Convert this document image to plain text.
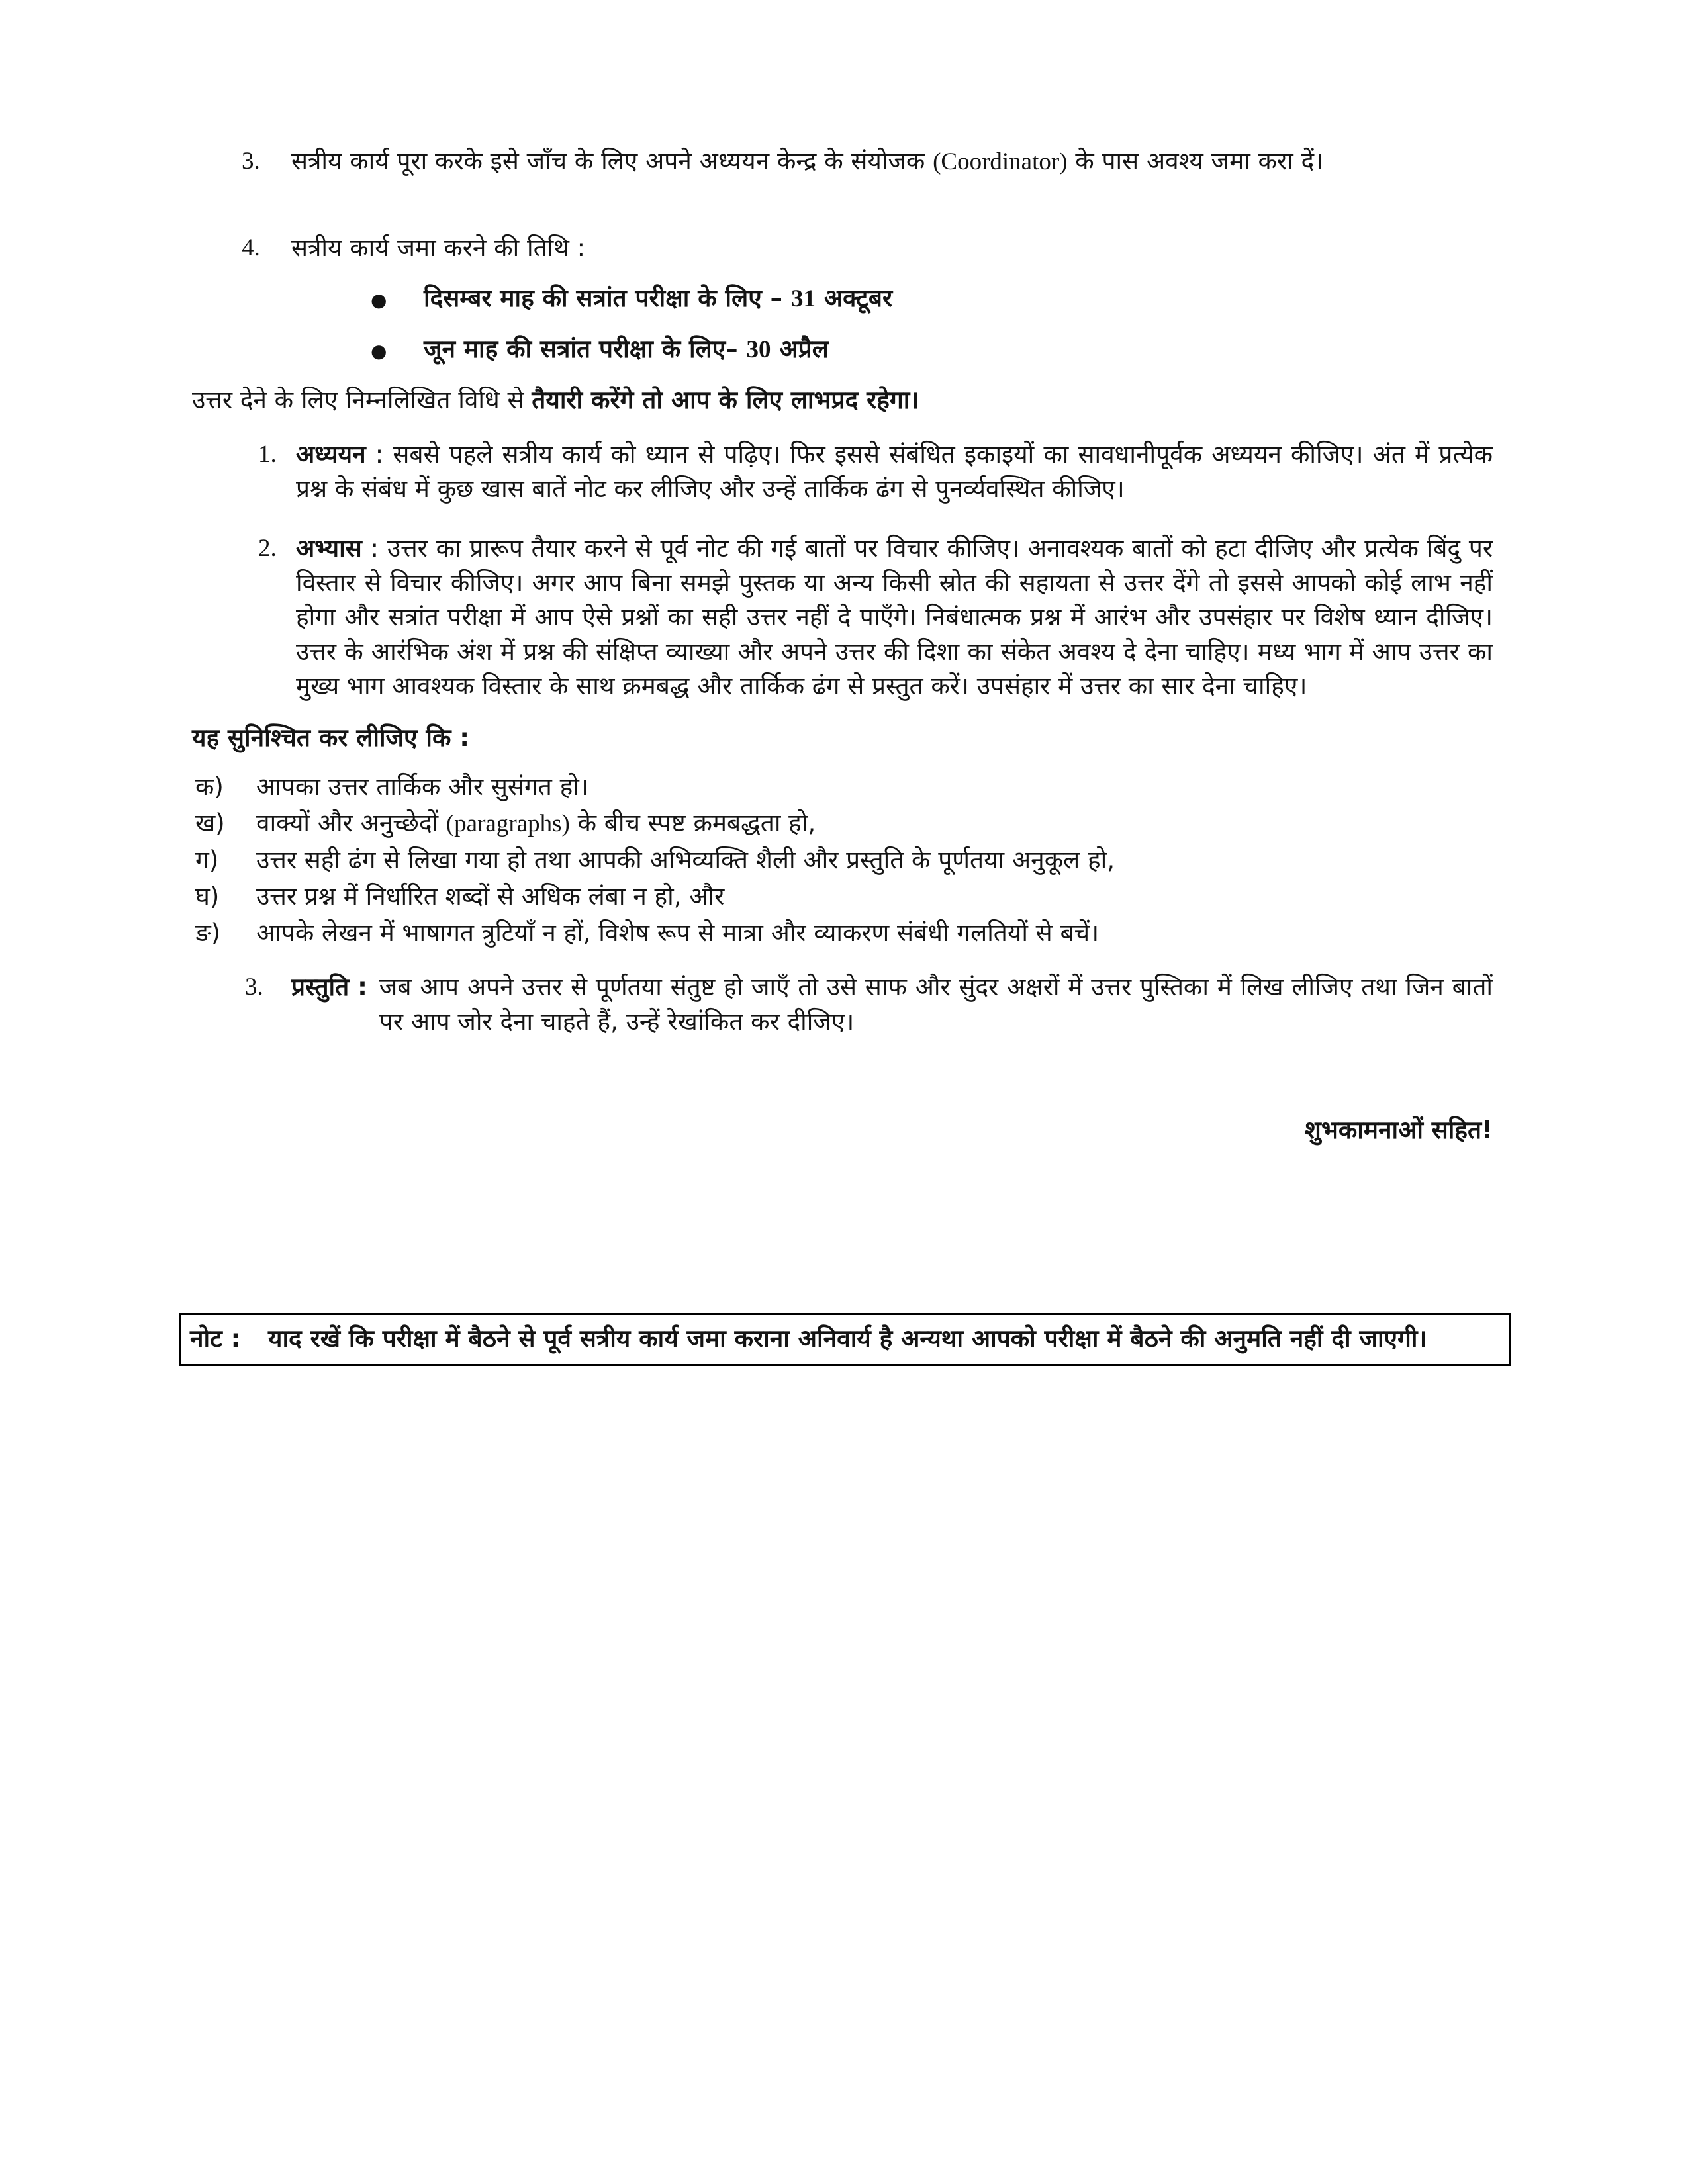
3.	सत्रीय कार्य पूरा करके इसे जाँच के लिए अपने अध्ययन केन्द्र के संयोजक (Coordinator) के पास अवश्य जमा करा दें।

4.	सत्रीय कार्य जमा करने की तिथि :

●	दिसम्बर माह की सत्रांत परीक्षा के लिए – 31 अक्टूबर

●	जून माह की सत्रांत परीक्षा के लिए– 30 अप्रैल

उत्तर देने के लिए निम्नलिखित विधि से तैयारी करेंगे तो आप के लिए लाभप्रद रहेगा।

1. अध्ययन : सबसे पहले सत्रीय कार्य को ध्यान से पढ़िए। फिर इससे संबंधित इकाइयों का सावधानीपूर्वक अध्ययन कीजिए। अंत में प्रत्येक प्रश्न के संबंध में कुछ खास बातें नोट कर लीजिए और उन्हें तार्किक ढंग से पुनर्व्यवस्थित कीजिए।

2. अभ्यास : उत्तर का प्रारूप तैयार करने से पूर्व नोट की गई बातों पर विचार कीजिए। अनावश्यक बातों को हटा दीजिए और प्रत्येक बिंदु पर विस्तार से विचार कीजिए। अगर आप बिना समझे पुस्तक या अन्य किसी स्रोत की सहायता से उत्तर देंगे तो इससे आपको कोई लाभ नहीं होगा और सत्रांत परीक्षा में आप ऐसे प्रश्नों का सही उत्तर नहीं दे पाएँगे। निबंधात्मक प्रश्न में आरंभ और उपसंहार पर विशेष ध्यान दीजिए। उत्तर के आरंभिक अंश में प्रश्न की संक्षिप्त व्याख्या और अपने उत्तर की दिशा का संकेत अवश्य दे देना चाहिए। मध्य भाग में आप उत्तर का मुख्य भाग आवश्यक विस्तार के साथ क्रमबद्ध और तार्किक ढंग से प्रस्तुत करें। उपसंहार में उत्तर का सार देना चाहिए।

यह सुनिश्चित कर लीजिए कि :

क)	आपका उत्तर तार्किक और सुसंगत हो।

ख)	वाक्यों और अनुच्छेदों (paragraphs) के बीच स्पष्ट क्रमबद्धता हो,

ग)	उत्तर सही ढंग से लिखा गया हो तथा आपकी अभिव्यक्ति शैली और प्रस्तुति के पूर्णतया अनुकूल हो,

घ)	उत्तर प्रश्न में निर्धारित शब्दों से अधिक लंबा न हो, और

ङ)	आपके लेखन में भाषागत त्रुटियाँ न हों, विशेष रूप से मात्रा और व्याकरण संबंधी गलतियों से बचें।

3.	प्रस्तुति : जब आप अपने उत्तर से पूर्णतया संतुष्ट हो जाएँ तो उसे साफ और सुंदर अक्षरों में उत्तर पुस्तिका में लिख लीजिए तथा जिन बातों पर आप जोर देना चाहते हैं, उन्हें रेखांकित कर दीजिए।

शुभकामनाओं सहित!

नोट :	याद रखें कि परीक्षा में बैठने से पूर्व सत्रीय कार्य जमा कराना अनिवार्य है अन्यथा आपको परीक्षा में बैठने की अनुमति नहीं दी जाएगी।
